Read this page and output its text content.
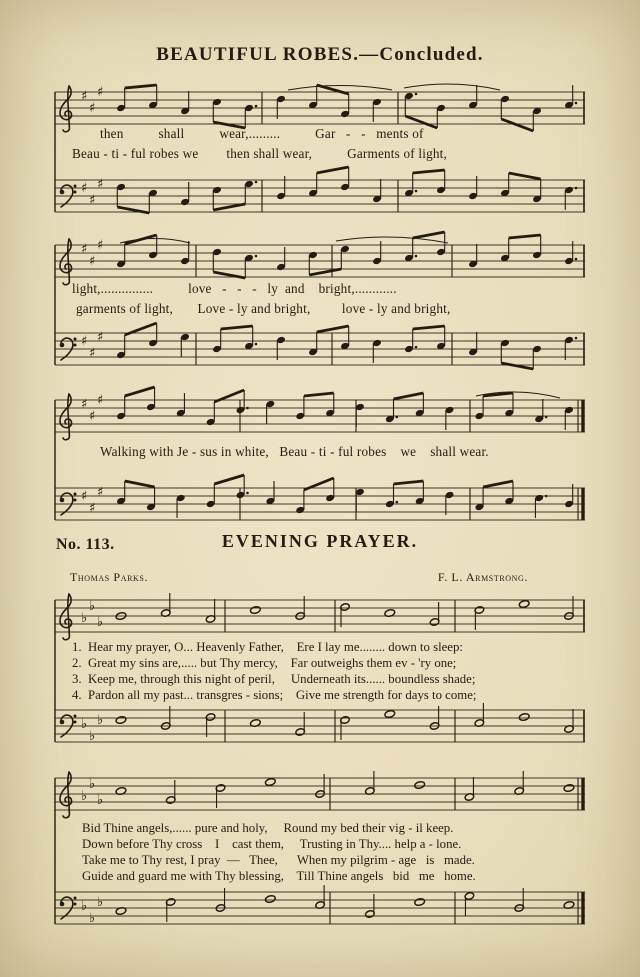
BEAUTIFUL ROBES.—Concluded.
♯
♯
♯
♯
♯
♯
then          shall          wear,.........          Gar   -   -   ments of
Beau - ti - ful robes we        then shall wear,          Garments of light,
♯
♯
♯
♯
♯
♯
light,...............          love   -   -   -   ly  and    bright,............
garments of light,       Love - ly and bright,         love - ly and bright,
♯
♯
♯
♯
♯
♯
Walking with Je - sus in white,   Beau - ti - ful robes    we    shall wear.
No. 113.	EVENING PRAYER.
Thomas Parks.	F. L. Armstrong.
♭
♭
♭
♭
♭
♭
1.  Hear my prayer, O... Heavenly Father,    Ere I lay me........ down to sleep:
2.  Great my sins are,..... but Thy mercy,    Far outweighs them ev - 'ry one;
3.  Keep me, through this night of peril,     Underneath its...... boundless shade;
4.  Pardon all my past... transgres - sions;    Give me strength for days to come;
♭
♭
♭
♭
♭
♭
Bid Thine angels,...... pure and holy,     Round my bed their vig - il keep.
Down before Thy cross    I    cast them,     Trusting in Thy.... help a - lone.
Take me to Thy rest, I pray  —   Thee,      When my pilgrim - age   is   made.
Guide and guard me with Thy blessing,    Till Thine angels   bid   me   home.
